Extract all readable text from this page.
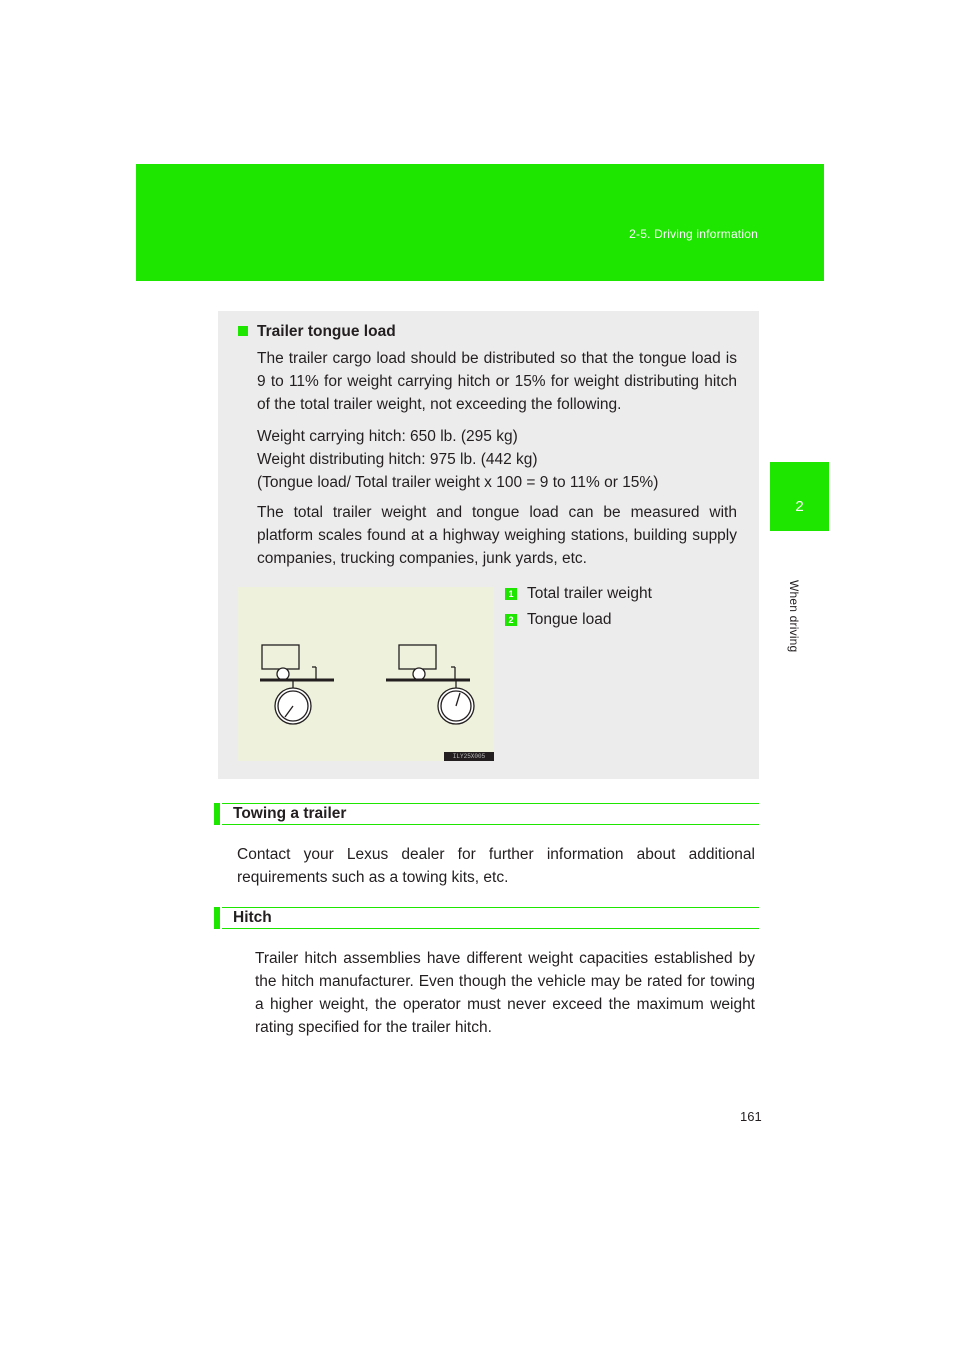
2-5. Driving information
2
When driving
Trailer tongue load

The trailer cargo load should be distributed so that the tongue load is 9 to 11% for weight carrying hitch or 15% for weight distributing hitch of the total trailer weight, not exceeding the following.

Weight carrying hitch: 650 lb. (295 kg)
Weight distributing hitch: 975 lb. (442 kg)
(Tongue load/ Total trailer weight x 100 = 9 to 11% or 15%)

The total trailer weight and tongue load can be measured with platform scales found at a highway weighing stations, building supply companies, trucking companies, junk yards, etc.

ILY25X005
1 Total trailer weight
2 Tongue load
Towing a trailer

Contact your Lexus dealer for further information about additional requirements such as a towing kits, etc.

Hitch

Trailer hitch assemblies have different weight capacities established by the hitch manufacturer. Even though the vehicle may be rated for towing a higher weight, the operator must never exceed the maximum weight rating specified for the trailer hitch.

161
